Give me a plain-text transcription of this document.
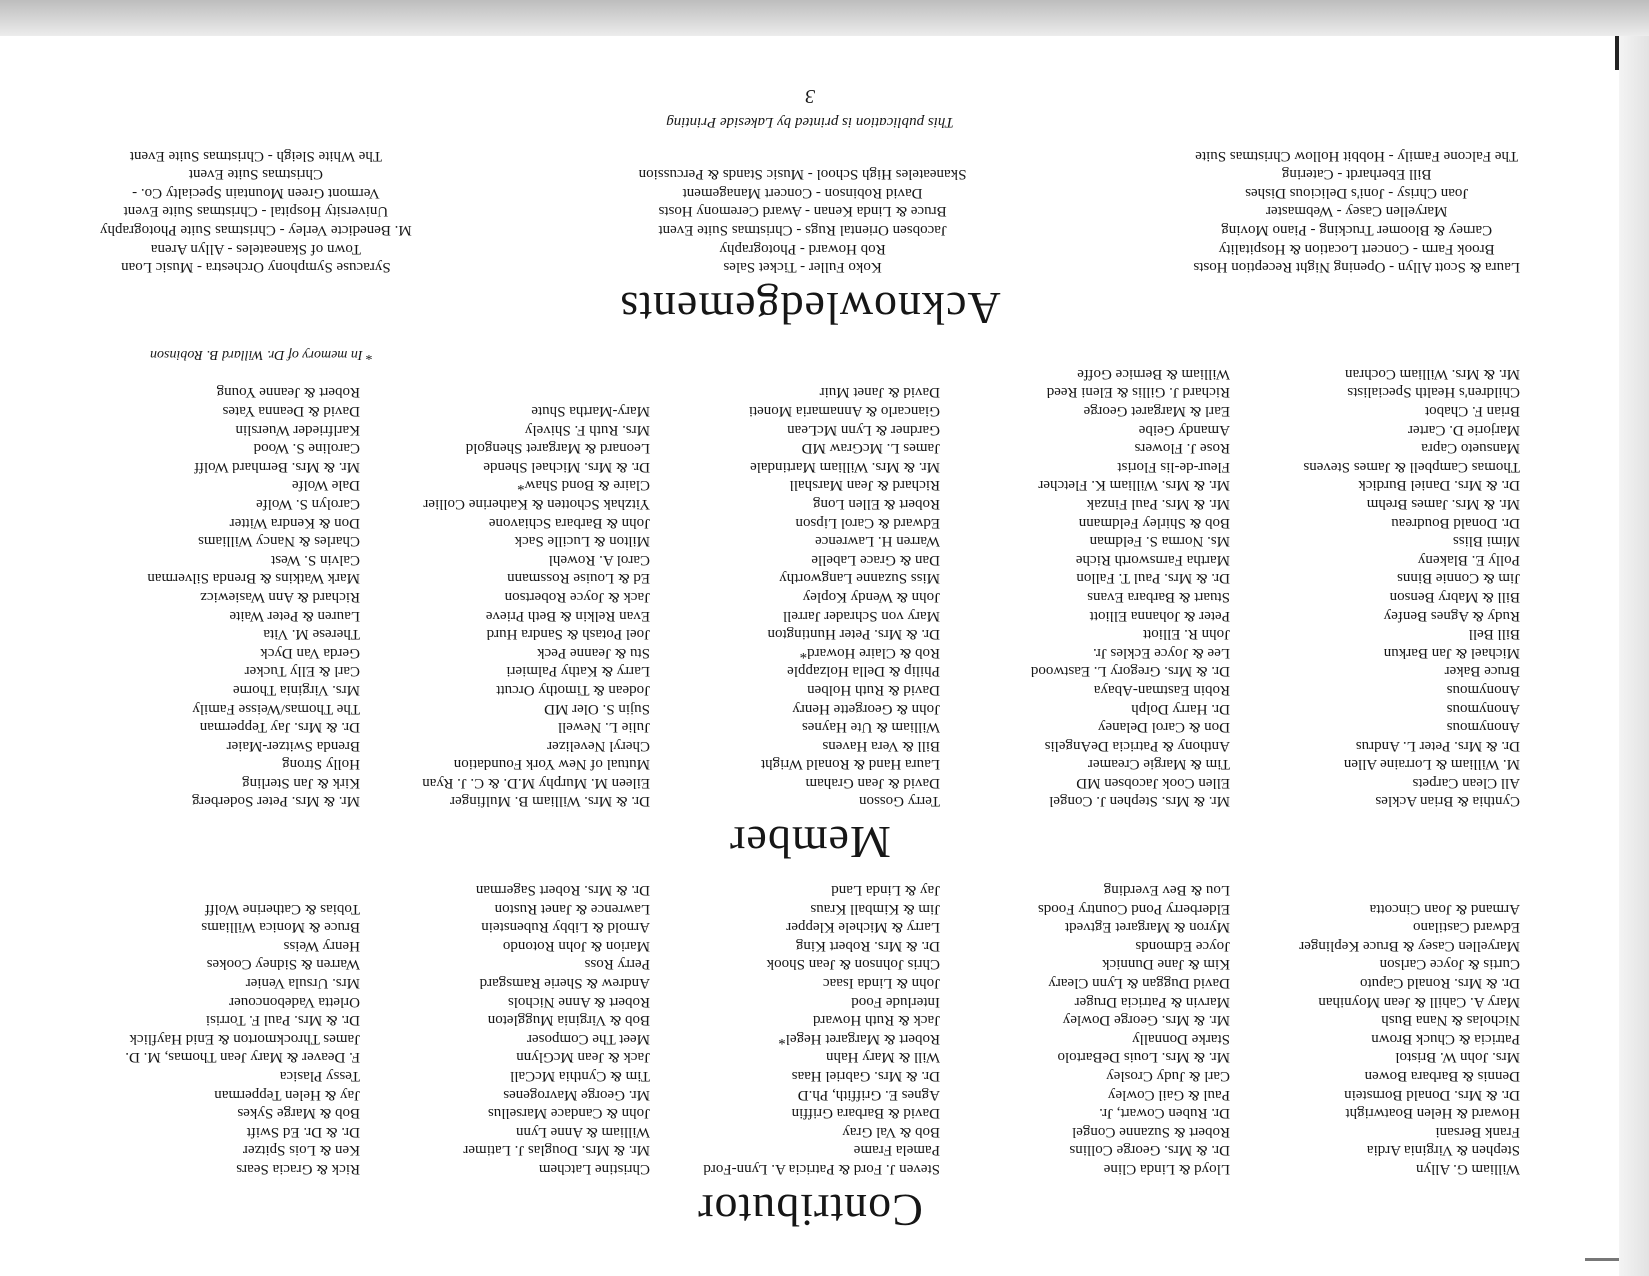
Contributor
William G. Allyn
Stephen & Virginia Ardia
Frank Bersani
Howard & Helen Boatwright
Dr. & Mrs. Donald Bornstein
Dennis & Barbara Bowen
Mrs. John W. Bristol
Patricia & Chuck Brown
Nicholas & Nana Bush
Mary A. Cahill & Jean Moynihan
Dr. & Mrs. Ronald Caputo
Curtis & Joyce Carlson
Maryellen Casey & Bruce Keplinger
Edward Castilano
Armand & Joan Cincotta
Lloyd & Linda Cline
Dr. & Mrs. George Collins
Robert & Suzanne Congel
Dr. Ruben Cowart, Jr.
Paul & Gail Cowley
Carl & Judy Crosley
Mr. & Mrs. Louis DeBartolo
Starke Donnally
Mr. & Mrs. George Dowley
Marvin & Patricia Druger
David Duggan & Lynn Cleary
Kim & Jane Dunnick
Joyce Edmonds
Myron & Margaret Egtvedt
Elderberry Pond Country Foods
Lou & Bev Everding
Steven J. Ford & Patricia A. Lynn-Ford
Pamela Frame
Bob & Val Gray
David & Barbara Griffin
Agnes E. Griffith, Ph.D
Dr. & Mrs. Gabriel Haas
Will & Mary Hahn
Robert & Margaret Hegel*
Jack & Ruth Howard
Interlude Food
John & Linda Isaac
Chris Johnson & Jean Shook
Dr. & Mrs. Robert King
Larry & Michele Klepper
Jim & Kimball Kraus
Jay & Linda Land
Christine Latchem
Mr. & Mrs. Douglas J. Latimer
William & Anne Lynn
John & Candace Marsellus
Mr. George Mavrogenes
Tim & Cynthia McCall
Jack & Jean McGlynn
Meet The Composer
Bob & Virginia Muggleton
Robert & Anne Nichols
Andrew & Sherie Ramsgard
Perry Ross
Marion & John Rotondo
Arnold & Libby Rubenstein
Lawrence & Janet Ruston
Dr. & Mrs. Robert Sagerman
Rick & Gracia Sears
Ken & Lois Spitzer
Dr. & Dr. Ed Swift
Bob & Marge Sykes
Jay & Helen Tepperman
Tessy Plasica
F. Deaver & Mary Jean Thomas, M. D.
James Throckmorton & Enid Hayflick
Dr. & Mrs. Paul F. Torrisi
Orletta Vadeboncouer
Mrs. Ursula Venier
Warren & Sidney Cookes
Henry Weiss
Bruce & Monica Williams
Tobias & Catherine Wolff
Member
Cynthia & Brian Ackles
All Clean Carpets
M. William & Lorraine Allen
Dr. & Mrs. Peter L. Andrus
Anonymous
Anonymous
Anonymous
Bruce Baker
Michael & Jan Barkun
Bill Bell
Rudy & Agnes Benfey
Bill & Mabry Benson
Jim & Connie Binns
Polly E. Blakeny
Mimi Bliss
Dr. Donald Boudreau
Mr. & Mrs. James Brehm
Dr. & Mrs. Daniel Burdick
Thomas Campbell & James Stevens
Mansueto Capra
Marjorie D. Carter
Brian F. Chabot
Children's Health Specialists
Mr. & Mrs. William Cochran
Mr. & Mrs. Stephen J. Congel
Ellen Cook Jacobsen MD
Tim & Margie Creamer
Anthony & Patricia DeAngelis
Don & Carol Delaney
Dr. Harry Dolph
Robin Eastman-Abaya
Dr. & Mrs. Gregory L. Eastwood
Lee & Joyce Eckles Jr.
John R. Elliott
Peter & Johanna Elliott
Stuart & Barbara Evans
Dr. & Mrs. Paul T. Fallon
Martha Farnsworth Riche
Ms. Norma S. Feldman
Bob & Shirley Feldmann
Mr. & Mrs. Paul Finzak
Mr. & Mrs. William K. Fletcher
Fleur-de-lis Florist
Rose J. Flowers
Amandy Geibe
Earl & Margaret George
Richard J. Gillis & Eleni Reed
William & Bernice Goffe
Terry Gosson
David & Jean Graham
Laura Hand & Ronald Wright
Bill & Vera Havens
William & Ute Haynes
John & Georgette Henry
David & Ruth Holben
Philip & Della Holzapple
Rob & Claire Howard*
Dr. & Mrs. Peter Huntington
Mary von Schrader Jarrell
John & Wendy Kopley
Miss Suzanne Langworthy
Dan & Grace Labelle
Warren H. Lawrence
Edward & Carol Lipson
Robert & Ellen Long
Richard & Jean Marshall
Mr. & Mrs. William Martindale
James L. McGraw MD
Gardner & Lynn McLean
Giancarlo & Annamaria Moneti
David & Janet Muir
Dr. & Mrs. William B. Mulfinger
Eileen M. Murphy M.D. & C. J. Ryan
Mutual of New York Foundation
Cheryl Nevelizer
Julie L. Newell
Sujin S. Oler MD
Jodean & Timothy Orcutt
Larry & Kathy Palmieri
Stu & Jeanne Peck
Joel Potash & Sandra Hurd
Evan Relkin & Beth Prieve
Jack & Joyce Robertson
Ed & Louise Rossmann
Carol A. Rowehl
Milton & Lucille Sack
John & Barbara Schiavone
Yitzhak Schotten & Katherine Collier
Claire & Bond Shaw*
Dr. & Mrs. Michael Shende
Leonard & Margaret Shengold
Mrs. Ruth F. Shively
Mary-Martha Shute
Mr. & Mrs. Peter Soderberg
Kirk & Jan Sterling
Holly Strong
Brenda Switzer-Maier
Dr. & Mrs. Jay Tepperman
The Thomas/Weisse Family
Mrs. Virginia Thorne
Carl & Elly Tucker
Gerda Van Dyck
Therese M. Vita
Lauren & Peter Waite
Richard & Ann Wasiewicz
Mark Watkins & Brenda Silverman
Calvin S. West
Charles & Nancy Williams
Don & Kendra Witter
Carolyn S. Wolfe
Dale Wolfe
Mr. & Mrs. Bernhard Wolff
Caroline S. Wood
Karlfrieder Wuerslin
David & Deanna Yates
Robert & Jeanne Young
* In memory of Dr. Willard B. Robinson
Acknowledgements
Laura & Scott Allyn - Opening Night Reception Hosts
Brook Farm - Concert Location & Hospitality
Carney & Bloomer Trucking - Piano Moving
Maryellen Casey - Webmaster
Joan Chrisy - Joni's Delicious Dishes
Bill Eberhardt - Catering
The Falcone Family - Hobbit Hollow Christmas Suite
Koko Fuller - Ticket Sales
Rob Howard - Photography
Jacobsen Oriental Rugs - Christmas Suite Event
Bruce & Linda Kenan - Award Ceremony Hosts
David Robinson - Concert Management
Skaneateles High School - Music Stands & Percussion
Syracuse Symphony Orchestra - Music Loan
Town of Skaneateles - Allyn Arena
M. Benedicte Verley - Christmas Suite Photography
University Hospital - Christmas Suite Event
Vermont Green Mountain Specialty Co. -
Christmas Suite Event
The White Sleigh - Christmas Suite Event
This publication is printed by Lakeside Printing
3
